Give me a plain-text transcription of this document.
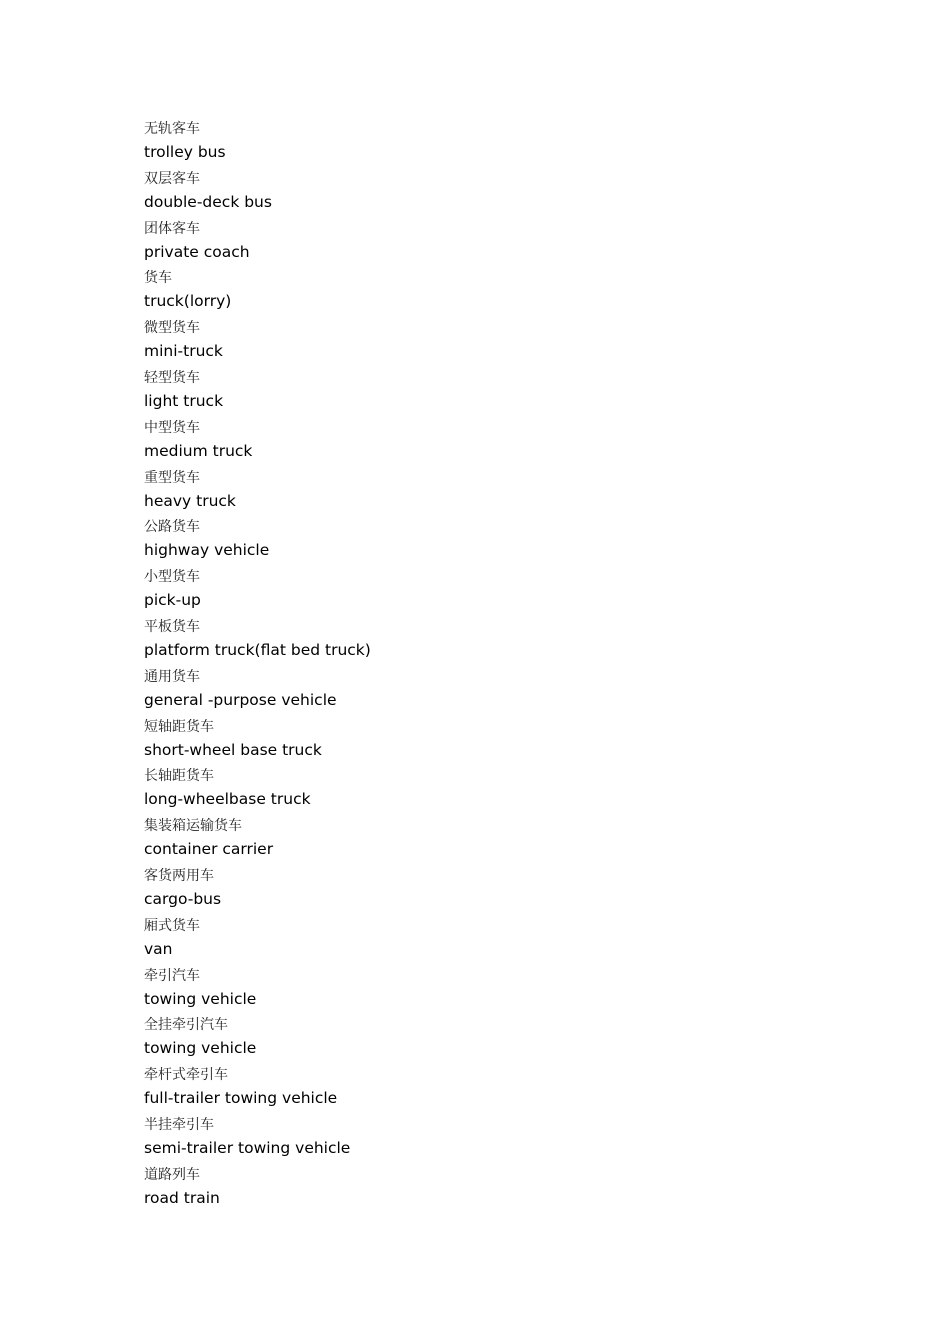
无轨客车
trolley bus
双层客车
double-deck bus
团体客车
private coach
货车
truck(lorry)
微型货车
mini-truck
轻型货车
light truck
中型货车
medium truck
重型货车
heavy truck
公路货车
highway vehicle
小型货车
pick-up
平板货车
platform truck(flat bed truck)
通用货车
general -purpose vehicle
短轴距货车
short-wheel base truck
长轴距货车
long-wheelbase truck
集装箱运输货车
container carrier
客货两用车
cargo-bus
厢式货车
van
牵引汽车
towing vehicle
全挂牵引汽车
towing vehicle
牵杆式牵引车
full-trailer towing vehicle
半挂牵引车
semi-trailer towing vehicle
道路列车
road train
